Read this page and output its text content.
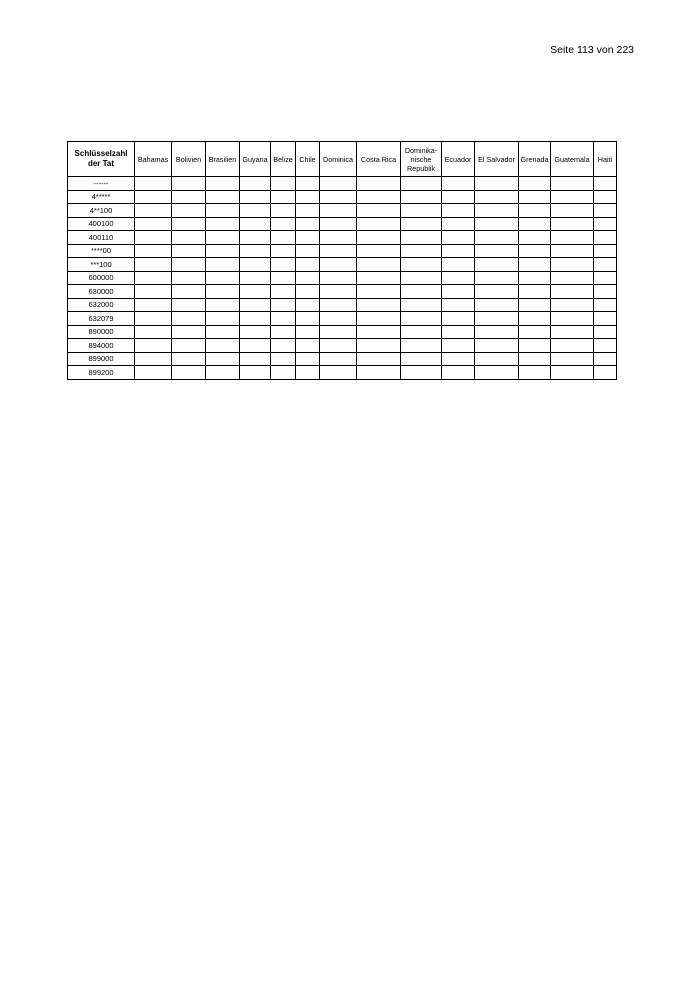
Seite 113 von 223
Schlüsselzahl der Tat	Bahamas	Bolivien	Brasilien	Guyana	Belize	Chile	Dominica	Costa Rica	Dominika-nische Republik	Ecuador	El Salvador	Grenada	Guatemala	Haiti
------														
4*****														
4**100														
400100														
400110														
****00														
***100														
600000														
630000														
632000														
632079														
890000														
894000														
899000														
899200														
